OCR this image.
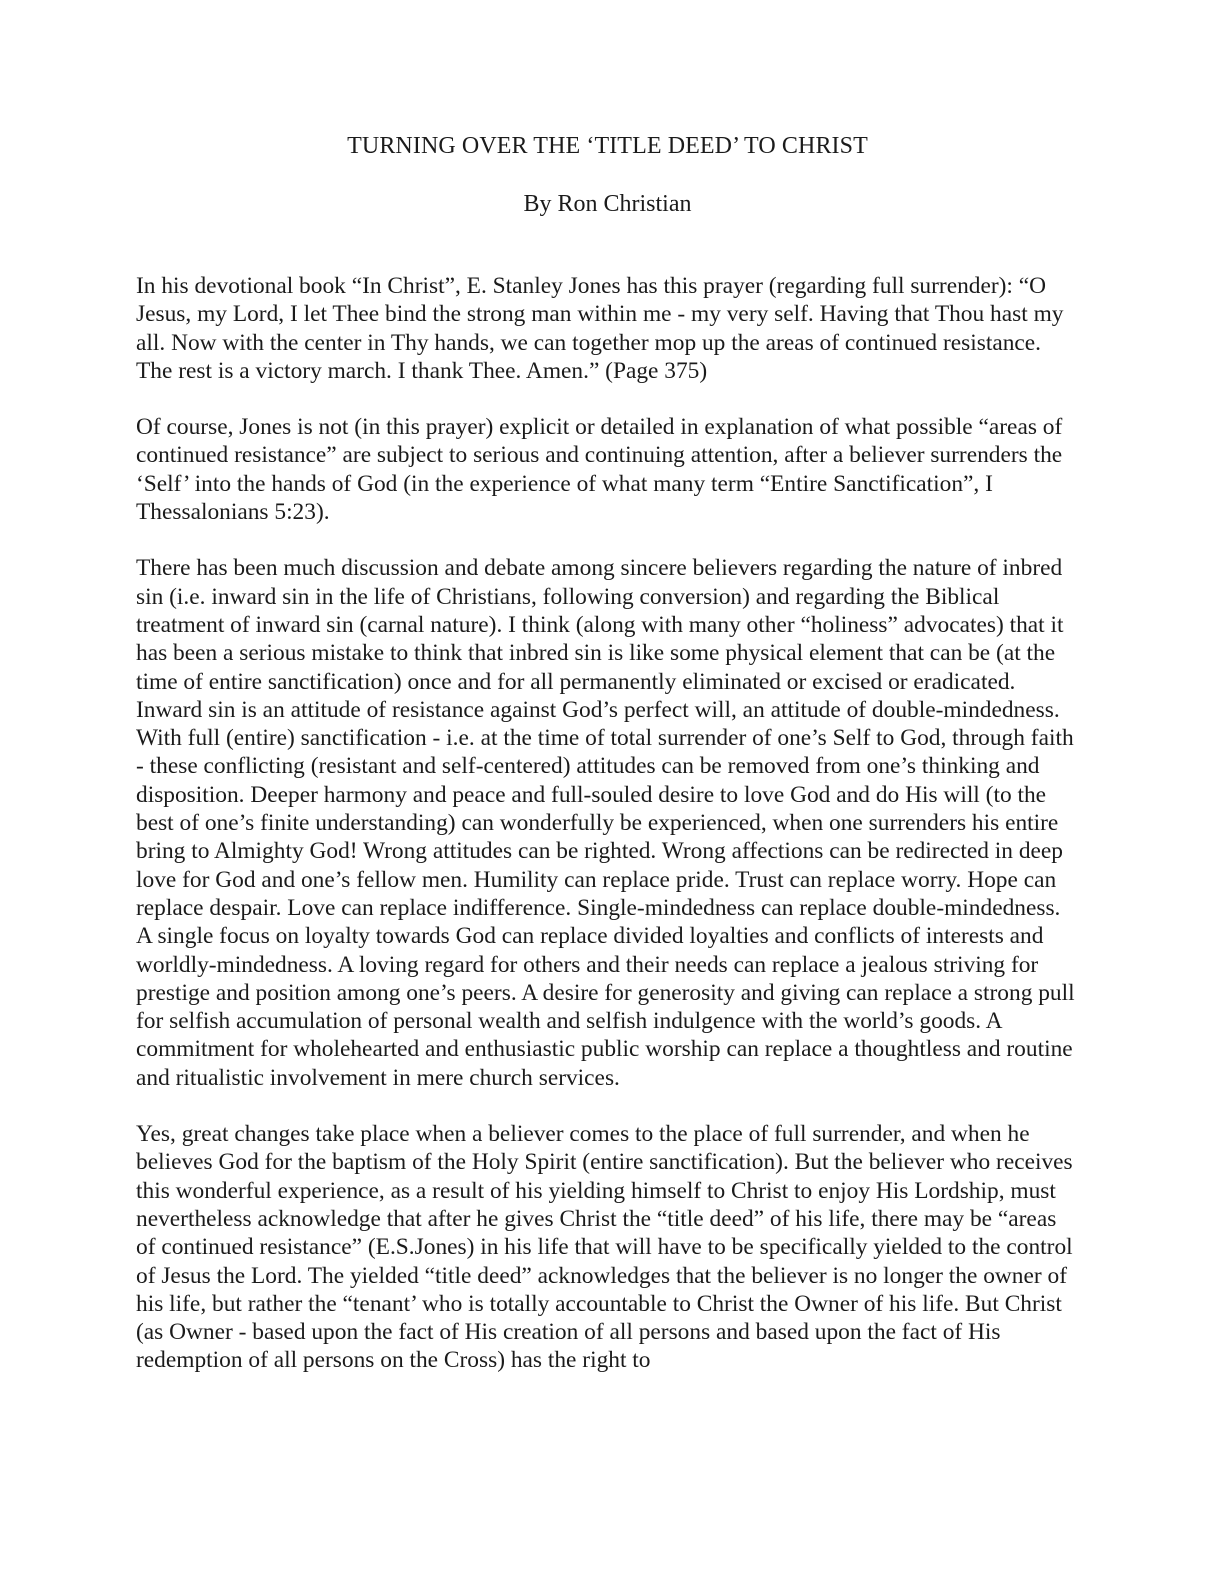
TURNING OVER THE ‘TITLE DEED’ TO CHRIST
By Ron Christian

In his devotional book “In Christ”, E. Stanley Jones has this prayer (regarding full surrender): “O Jesus, my Lord, I let Thee bind the strong man within me - my very self. Having that Thou hast my all. Now with the center in Thy hands, we can together mop up the areas of continued resistance. The rest is a victory march. I thank Thee. Amen.” (Page 375)

Of course, Jones is not (in this prayer) explicit or detailed in explanation of what possible “areas of continued resistance” are subject to serious and continuing attention, after a believer surrenders the ‘Self’ into the hands of God (in the experience of what many term “Entire Sanctification”, I Thessalonians 5:23).

There has been much discussion and debate among sincere believers regarding the nature of inbred sin (i.e. inward sin in the life of Christians, following conversion) and regarding the Biblical treatment of inward sin (carnal nature). I think (along with many other “holiness” advocates) that it has been a serious mistake to think that inbred sin is like some physical element that can be (at the time of entire sanctification) once and for all permanently eliminated or excised or eradicated. Inward sin is an attitude of resistance against God’s perfect will, an attitude of double-mindedness. With full (entire) sanctification - i.e. at the time of total surrender of one’s Self to God, through faith - these conflicting (resistant and self-centered) attitudes can be removed from one’s thinking and disposition. Deeper harmony and peace and full-souled desire to love God and do His will (to the best of one’s finite understanding) can wonderfully be experienced, when one surrenders his entire bring to Almighty God! Wrong attitudes can be righted. Wrong affections can be redirected in deep love for God and one’s fellow men. Humility can replace pride. Trust can replace worry. Hope can replace despair. Love can replace indifference. Single-mindedness can replace double-mindedness. A single focus on loyalty towards God can replace divided loyalties and conflicts of interests and worldly-mindedness. A loving regard for others and their needs can replace a jealous striving for prestige and position among one’s peers. A desire for generosity and giving can replace a strong pull for selfish accumulation of personal wealth and selfish indulgence with the world’s goods. A commitment for wholehearted and enthusiastic public worship can replace a thoughtless and routine and ritualistic involvement in mere church services.

Yes, great changes take place when a believer comes to the place of full surrender, and when he believes God for the baptism of the Holy Spirit (entire sanctification). But the believer who receives this wonderful experience, as a result of his yielding himself to Christ to enjoy His Lordship, must nevertheless acknowledge that after he gives Christ the “title deed” of his life, there may be “areas of continued resistance” (E.S.Jones) in his life that will have to be specifically yielded to the control of Jesus the Lord. The yielded “title deed” acknowledges that the believer is no longer the owner of his life, but rather the “tenant’ who is totally accountable to Christ the Owner of his life. But Christ (as Owner - based upon the fact of His creation of all persons and based upon the fact of His redemption of all persons on the Cross) has the right to
